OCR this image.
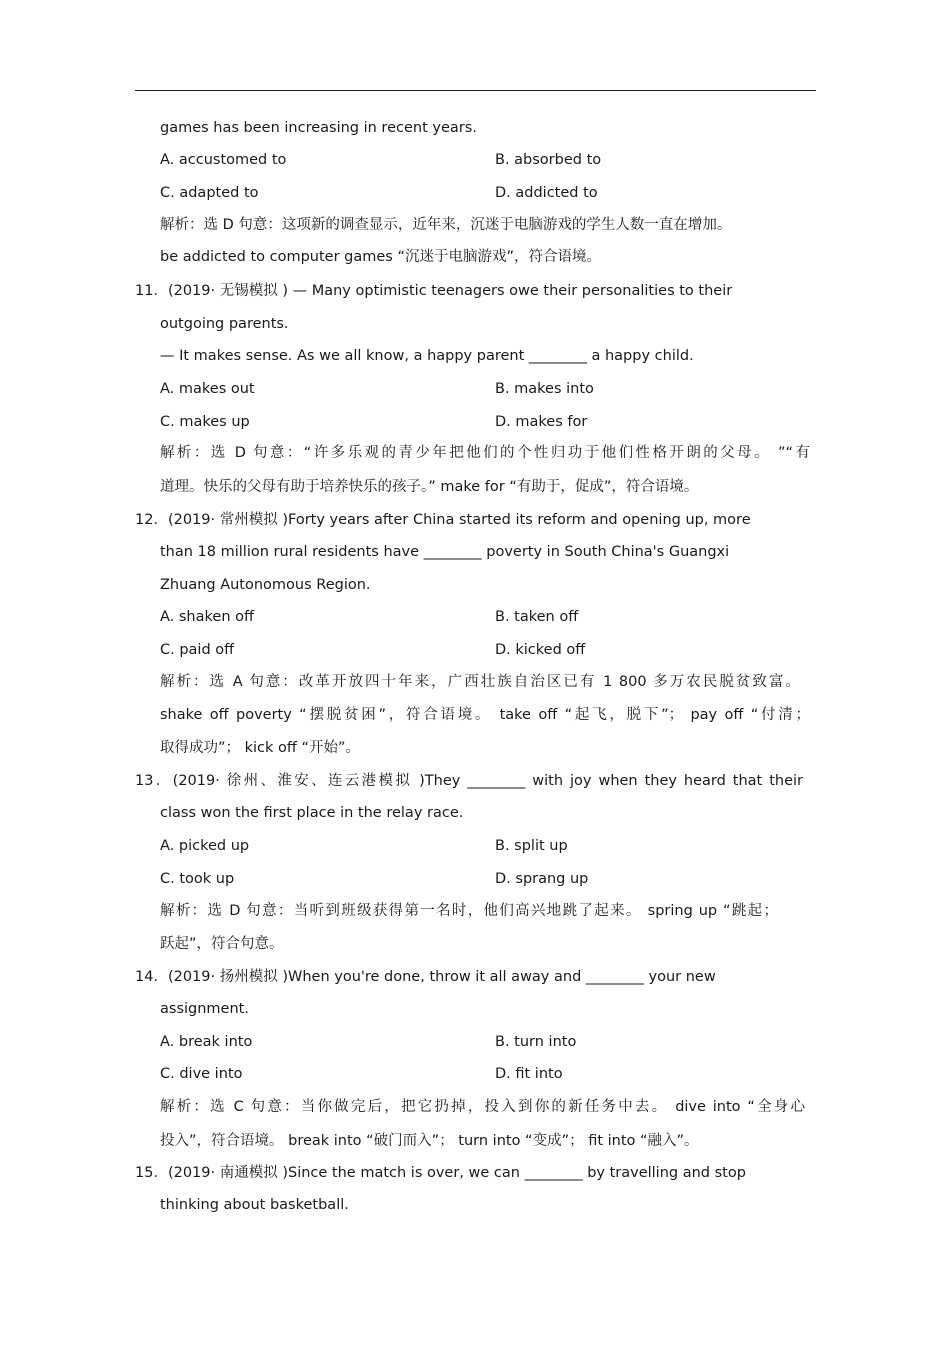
games has been increasing in recent years.
A. accustomed to	B. absorbed to
C. adapted to	D. addicted to
解析：选 D 句意：这项新的调查显示，近年来，沉迷于电脑游戏的学生人数一直在增加。
be addicted to computer games “沉迷于电脑游戏”，符合语境。
11．(2019· 无锡模拟 ) — Many optimistic teenagers owe their personalities to their
outgoing parents.
— It makes sense. As we all know, a happy parent ________ a happy child.
A. makes out	B. makes into
C. makes up	D. makes for
解析：选 D 句意：“许多乐观的青少年把他们的个性归功于他们性格开朗的父母。 ”“有
道理。快乐的父母有助于培养快乐的孩子。” make for “有助于，促成”，符合语境。
12．(2019· 常州模拟 )Forty years after China started its reform and opening up, more
than 18 million rural residents have ________ poverty in South China's Guangxi
Zhuang Autonomous Region.
A. shaken off	B. taken off
C. paid off	D. kicked off
解析：选 A 句意：改革开放四十年来，广西壮族自治区已有 1 800 多万农民脱贫致富。
shake off poverty “摆脱贫困”，符合语境。 take off “起飞，脱下”； pay off “付清；
取得成功”； kick off “开始”。
13．(2019· 徐州、淮安、连云港模拟 )They ________ with joy when they heard that their
class won the first place in the relay race.
A. picked up	B. split up
C. took up	D. sprang up
解析：选 D 句意：当听到班级获得第一名时，他们高兴地跳了起来。 spring up “跳起；
跃起”，符合句意。
14．(2019· 扬州模拟 )When you're done, throw it all away and ________ your new
assignment.
A. break into	B. turn into
C. dive into	D. fit into
解析：选 C 句意：当你做完后，把它扔掉，投入到你的新任务中去。 dive into “全身心
投入”，符合语境。 break into “破门而入”； turn into “变成”； fit into “融入”。
15．(2019· 南通模拟 )Since the match is over, we can ________ by travelling and stop
thinking about basketball.
